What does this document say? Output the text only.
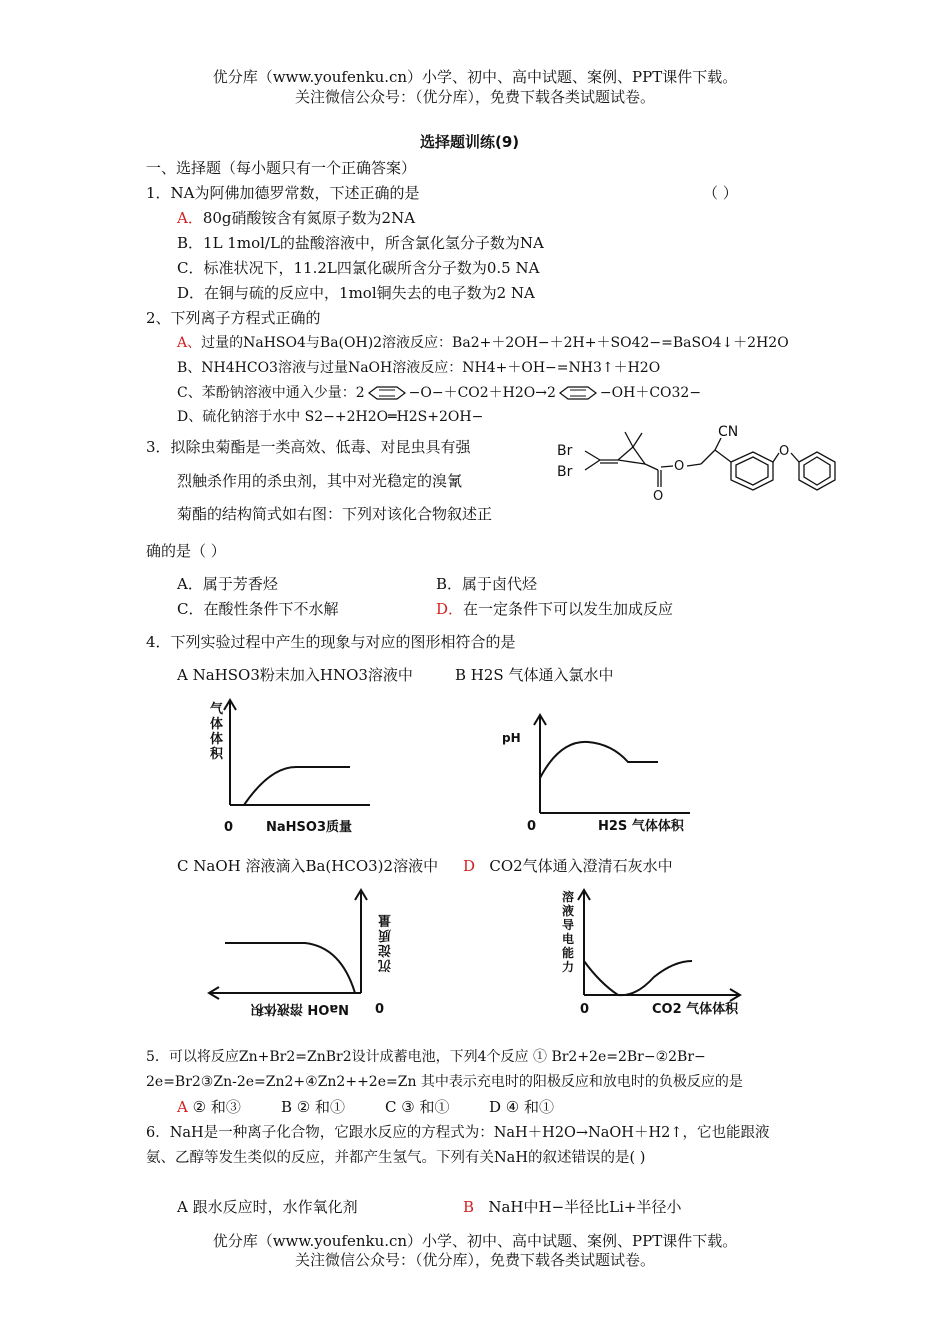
优分库（www.youfenku.cn）小学、初中、高中试题、案例、PPT课件下载。
关注微信公众号：（优分库），免费下载各类试题试卷。
选择题训练(9)
一、选择题（每小题只有一个正确答案）
1．NA为阿佛加德罗常数，下述正确的是	（ ）
A．80g硝酸铵含有氮原子数为2NA
B．1L 1mol/L的盐酸溶液中，所含氯化氢分子数为NA
C．标准状况下，11.2L四氯化碳所含分子数为0.5 NA
D．在铜与硫的反应中，1mol铜失去的电子数为2 NA
2、下列离子方程式正确的
A、过量的NaHSO4与Ba(OH)2溶液反应：Ba2+＋2OH−＋2H+＋SO42−=BaSO4↓＋2H2O
B、NH4HCO3溶液与过量NaOH溶液反应：NH4+＋OH−=NH3↑＋H2O
C、苯酚钠溶液中通入少量：2	−O−＋CO2＋H2O→2	−OH＋CO32−
D、硫化钠溶于水中 S2−+2H2O═H2S+2OH−
3．拟除虫菊酯是一类高效、低毒、对昆虫具有强
烈触杀作用的杀虫剂，其中对光稳定的溴氰
菊酯的结构简式如右图：下列对该化合物叙述正
确的是（ ）
A．属于芳香烃	B．属于卤代烃
C．在酸性条件下不水解	D．在一定条件下可以发生加成反应
Br
Br
O
O
CN
O
4．下列实验过程中产生的现象与对应的图形相符合的是
A NaHSO3粉末加入HNO3溶液中	B H2S 气体通入氯水中
气
体
体
积
0	NaHSO3质量
pH
0	H2S 气体体积
C NaOH 溶液滴入Ba(HCO3)2溶液中 D CO2气体通入澄清石灰水中
沉淀质量
0
NaOH 溶液体积
溶
液
导
电
能
力
0	CO2 气体体积
5．可以将反应Zn+Br2=ZnBr2设计成蓄电池，下列4个反应 ① Br2+2e=2Br−②2Br−
2e=Br2③Zn-2e=Zn2+④Zn2++2e=Zn 其中表示充电时的阳极反应和放电时的负极反应的是
A ② 和③	B ② 和①	C ③ 和①	D ④ 和①
6．NaH是一种离子化合物，它跟水反应的方程式为：NaH＋H2O→NaOH＋H2↑，它也能跟液
氨、乙醇等发生类似的反应，并都产生氢气。下列有关NaH的叙述错误的是( )
A 跟水反应时，水作氧化剂	B NaH中H−半径比Li+半径小
优分库（www.youfenku.cn）小学、初中、高中试题、案例、PPT课件下载。
关注微信公众号：（优分库），免费下载各类试题试卷。
